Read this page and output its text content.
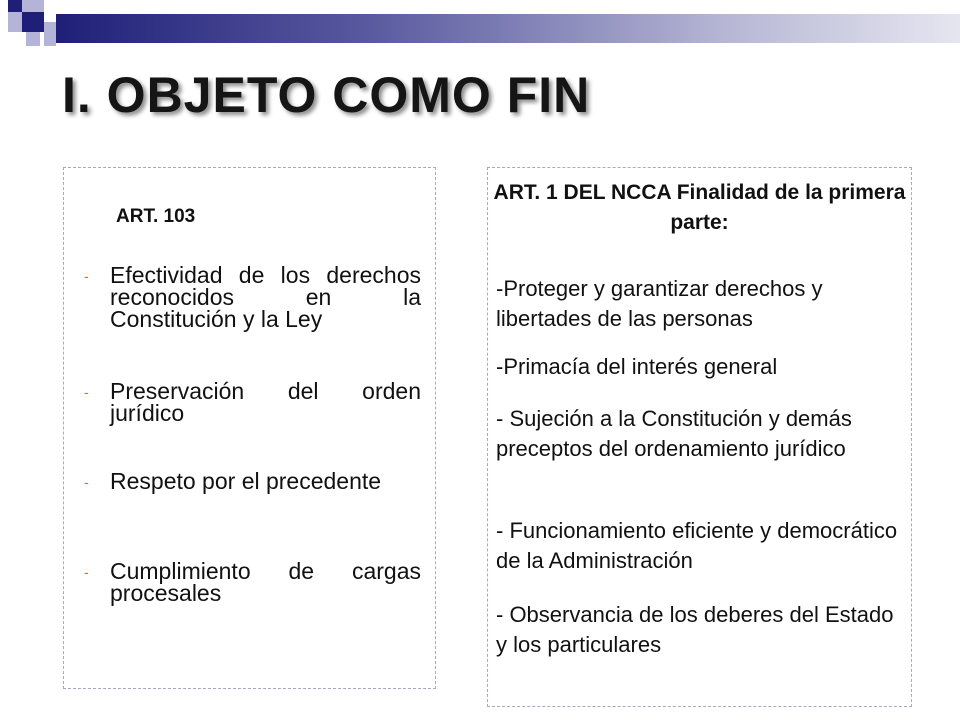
I. OBJETO COMO FIN
ART. 103
- Efectividad de los derechos reconocidos en la Constitución y la Ley
- Preservación del orden jurídico
- Respeto por el precedente
- Cumplimiento de cargas procesales
ART. 1 DEL NCCA Finalidad de la primera parte:
-Proteger y garantizar derechos y libertades de las personas
-Primacía del interés general
- Sujeción a la Constitución y demás preceptos del ordenamiento jurídico
- Funcionamiento eficiente y democrático de la Administración
- Observancia de los deberes del Estado y los particulares
